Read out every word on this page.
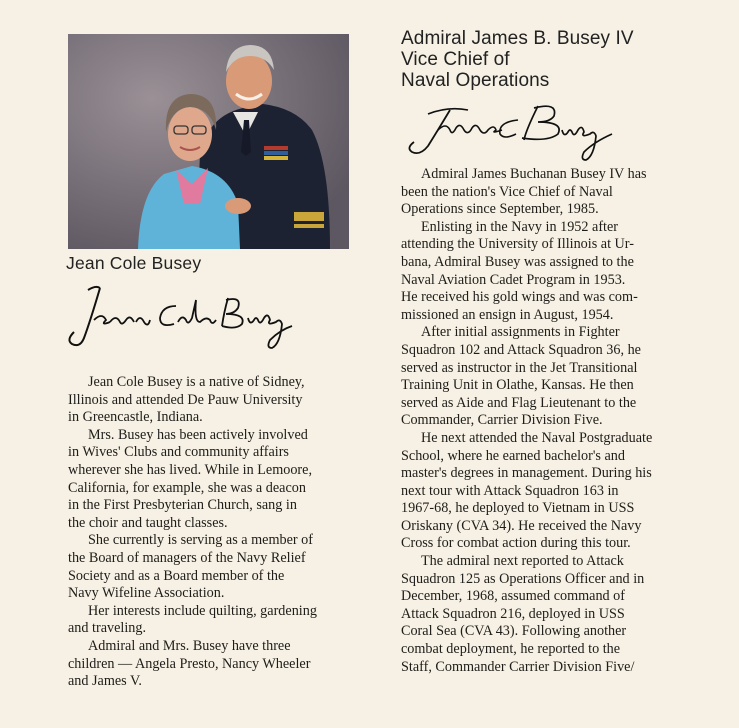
Jean Cole Busey

Jean Cole Busey is a native of Sidney,
Illinois and attended De Pauw University
in Greencastle, Indiana.

Mrs. Busey has been actively involved
in Wives' Clubs and community affairs
wherever she has lived. While in Lemoore,
California, for example, she was a deacon
in the First Presbyterian Church, sang in
the choir and taught classes.

She currently is serving as a member of
the Board of managers of the Navy Relief
Society and as a Board member of the
Navy Wifeline Association.

Her interests include quilting, gardening
and traveling.

Admiral and Mrs. Busey have three
children — Angela Presto, Nancy Wheeler
and James V.

Admiral James B. Busey IV
Vice Chief of
Naval Operations

Admiral James Buchanan Busey IV has
been the nation's Vice Chief of Naval
Operations since September, 1985.

Enlisting in the Navy in 1952 after
attending the University of Illinois at Ur-
bana, Admiral Busey was assigned to the
Naval Aviation Cadet Program in 1953.
He received his gold wings and was com-
missioned an ensign in August, 1954.

After initial assignments in Fighter
Squadron 102 and Attack Squadron 36, he
served as instructor in the Jet Transitional
Training Unit in Olathe, Kansas. He then
served as Aide and Flag Lieutenant to the
Commander, Carrier Division Five.

He next attended the Naval Postgraduate
School, where he earned bachelor's and
master's degrees in management. During his
next tour with Attack Squadron 163 in
1967-68, he deployed to Vietnam in USS
Oriskany (CVA 34). He received the Navy
Cross for combat action during this tour.

The admiral next reported to Attack
Squadron 125 as Operations Officer and in
December, 1968, assumed command of
Attack Squadron 216, deployed in USS
Coral Sea (CVA 43). Following another
combat deployment, he reported to the
Staff, Commander Carrier Division Five/
